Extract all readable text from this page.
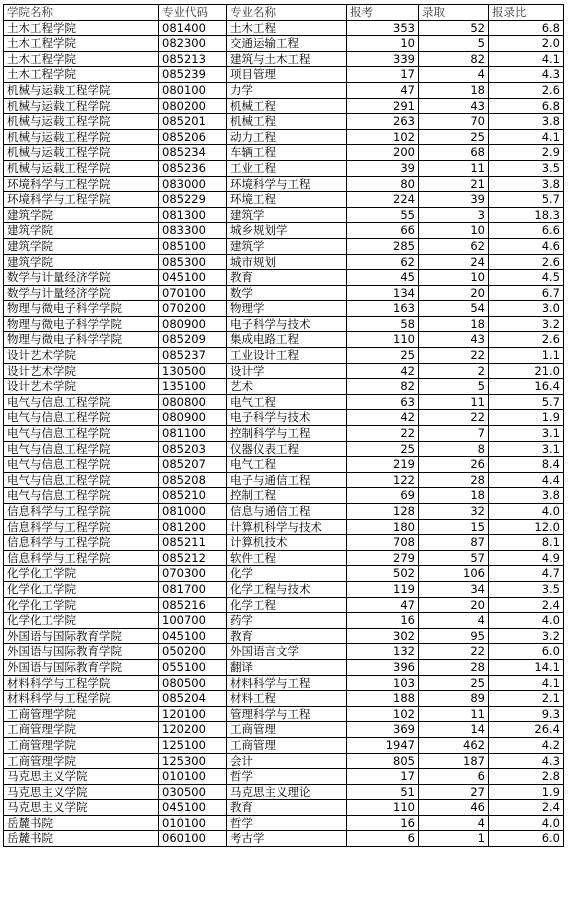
学院名称	专业代码	专业名称	报考	录取	报录比
土木工程学院	081400	土木工程	353	52	6.8
土木工程学院	082300	交通运输工程	10	5	2.0
土木工程学院	085213	建筑与土木工程	339	82	4.1
土木工程学院	085239	项目管理	17	4	4.3
机械与运载工程学院	080100	力学	47	18	2.6
机械与运载工程学院	080200	机械工程	291	43	6.8
机械与运载工程学院	085201	机械工程	263	70	3.8
机械与运载工程学院	085206	动力工程	102	25	4.1
机械与运载工程学院	085234	车辆工程	200	68	2.9
机械与运载工程学院	085236	工业工程	39	11	3.5
环境科学与工程学院	083000	环境科学与工程	80	21	3.8
环境科学与工程学院	085229	环境工程	224	39	5.7
建筑学院	081300	建筑学	55	3	18.3
建筑学院	083300	城乡规划学	66	10	6.6
建筑学院	085100	建筑学	285	62	4.6
建筑学院	085300	城市规划	62	24	2.6
数学与计量经济学院	045100	教育	45	10	4.5
数学与计量经济学院	070100	数学	134	20	6.7
物理与微电子科学学院	070200	物理学	163	54	3.0
物理与微电子科学学院	080900	电子科学与技术	58	18	3.2
物理与微电子科学学院	085209	集成电路工程	110	43	2.6
设计艺术学院	085237	工业设计工程	25	22	1.1
设计艺术学院	130500	设计学	42	2	21.0
设计艺术学院	135100	艺术	82	5	16.4
电气与信息工程学院	080800	电气工程	63	11	5.7
电气与信息工程学院	080900	电子科学与技术	42	22	1.9
电气与信息工程学院	081100	控制科学与工程	22	7	3.1
电气与信息工程学院	085203	仪器仪表工程	25	8	3.1
电气与信息工程学院	085207	电气工程	219	26	8.4
电气与信息工程学院	085208	电子与通信工程	122	28	4.4
电气与信息工程学院	085210	控制工程	69	18	3.8
信息科学与工程学院	081000	信息与通信工程	128	32	4.0
信息科学与工程学院	081200	计算机科学与技术	180	15	12.0
信息科学与工程学院	085211	计算机技术	708	87	8.1
信息科学与工程学院	085212	软件工程	279	57	4.9
化学化工学院	070300	化学	502	106	4.7
化学化工学院	081700	化学工程与技术	119	34	3.5
化学化工学院	085216	化学工程	47	20	2.4
化学化工学院	100700	药学	16	4	4.0
外国语与国际教育学院	045100	教育	302	95	3.2
外国语与国际教育学院	050200	外国语言文学	132	22	6.0
外国语与国际教育学院	055100	翻译	396	28	14.1
材料科学与工程学院	080500	材料科学与工程	103	25	4.1
材料科学与工程学院	085204	材料工程	188	89	2.1
工商管理学院	120100	管理科学与工程	102	11	9.3
工商管理学院	120200	工商管理	369	14	26.4
工商管理学院	125100	工商管理	1947	462	4.2
工商管理学院	125300	会计	805	187	4.3
马克思主义学院	010100	哲学	17	6	2.8
马克思主义学院	030500	马克思主义理论	51	27	1.9
马克思主义学院	045100	教育	110	46	2.4
岳麓书院	010100	哲学	16	4	4.0
岳麓书院	060100	考古学	6	1	6.0
